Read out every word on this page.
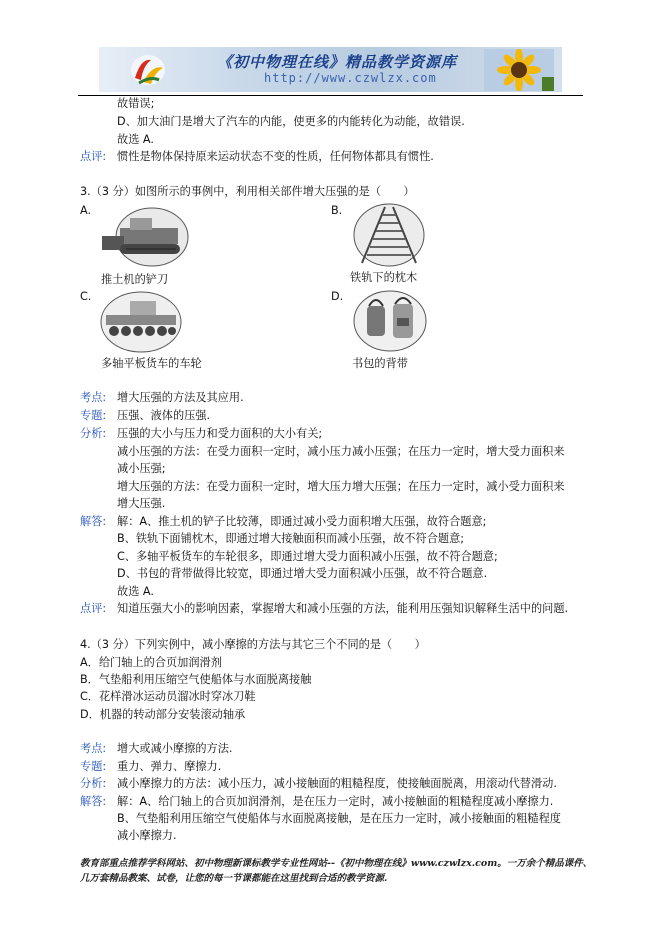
《初中物理在线》精品教学资源库
http://www.czwlzx.com
故错误;
D、加大油门是增大了汽车的内能，使更多的内能转化为动能，故错误.
故选 A.
点评: 惯性是物体保持原来运动状态不变的性质，任何物体都具有惯性.
3.（3 分）如图所示的事例中，利用相关部件增大压强的是（　　）
A.
推土机的铲刀
B.
铁轨下的枕木
C.
多轴平板货车的车轮
D.
书包的背带
考点: 增大压强的方法及其应用.
专题: 压强、液体的压强.
分析: 压强的大小与压力和受力面积的大小有关;
减小压强的方法：在受力面积一定时，减小压力减小压强；在压力一定时，增大受力面积来
减小压强;
增大压强的方法：在受力面积一定时，增大压力增大压强；在压力一定时，减小受力面积来
增大压强.
解答: 解：A、推土机的铲子比较薄，即通过减小受力面积增大压强，故符合题意;
B、铁轨下面铺枕木，即通过增大接触面积而减小压强，故不符合题意;
C、多轴平板货车的车轮很多，即通过增大受力面积减小压强，故不符合题意;
D、书包的背带做得比较宽，即通过增大受力面积减小压强，故不符合题意.
故选 A.
点评: 知道压强大小的影响因素，掌握增大和减小压强的方法，能利用压强知识解释生活中的问题.
4.（3 分）下列实例中，减小摩擦的方法与其它三个不同的是（　　）
A．给门轴上的合页加润滑剂
B．气垫船利用压缩空气使船体与水面脱离接触
C．花样滑冰运动员溜冰时穿冰刀鞋
D．机器的转动部分安装滚动轴承
考点: 增大或减小摩擦的方法.
专题: 重力、弹力、摩擦力.
分析: 减小摩擦力的方法：减小压力，减小接触面的粗糙程度，使接触面脱离，用滚动代替滑动.
解答: 解：A、给门轴上的合页加润滑剂，是在压力一定时，减小接触面的粗糙程度减小摩擦力.
B、气垫船利用压缩空气使船体与水面脱离接触，是在压力一定时，减小接触面的粗糙程度
减小摩擦力.
教育部重点推荐学科网站、初中物理新课标教学专业性网站--《初中物理在线》www.czwlzx.com。一万余个精品课件、
几万套精品教案、试卷，让您的每一节课都能在这里找到合适的教学资源.
